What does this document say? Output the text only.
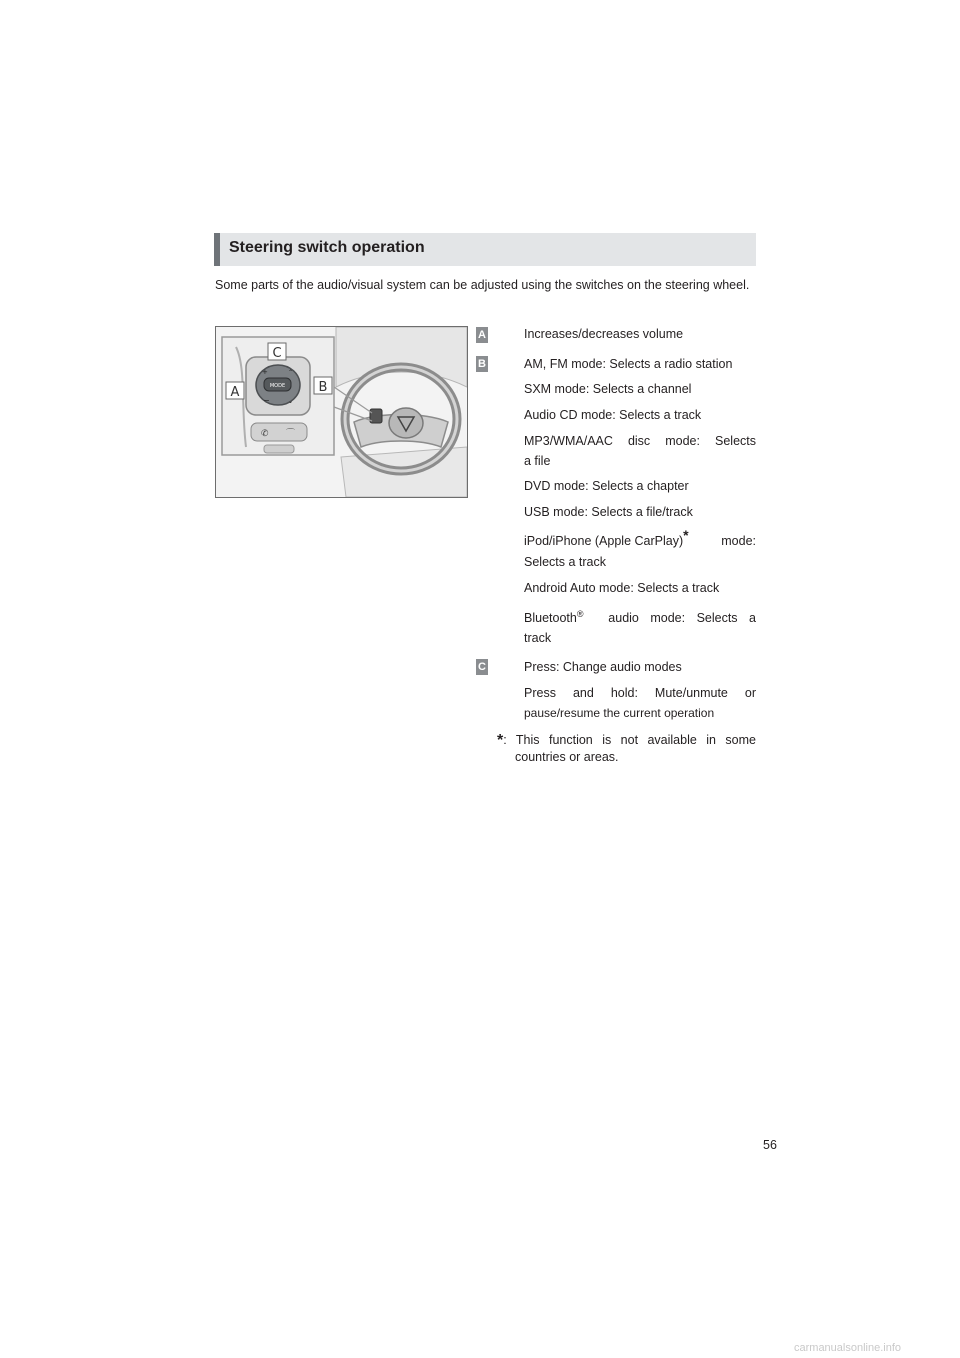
Steering switch operation
Some parts of the audio/visual system can be adjusted using the switches on the steering wheel.
MODE
+
−
⌃
⌄
✆ ⌒
C
A	B
A	Increases/decreases volume
B	AM, FM mode: Selects a radio station
SXM mode: Selects a channel
Audio CD mode: Selects a track
MP3/WMA/AAC disc mode: Selects
a file
DVD mode: Selects a chapter
USB mode: Selects a file/track
iPod/iPhone (Apple CarPlay)*	mode:
Selects a track
Android Auto mode: Selects a track
Bluetooth® audio mode: Selects a
track
C	Press: Change audio modes
Press and hold: Mute/unmute or
pause/resume the current operation
* : This function is not available in some
countries or areas.
56
carmanualsonline.info
